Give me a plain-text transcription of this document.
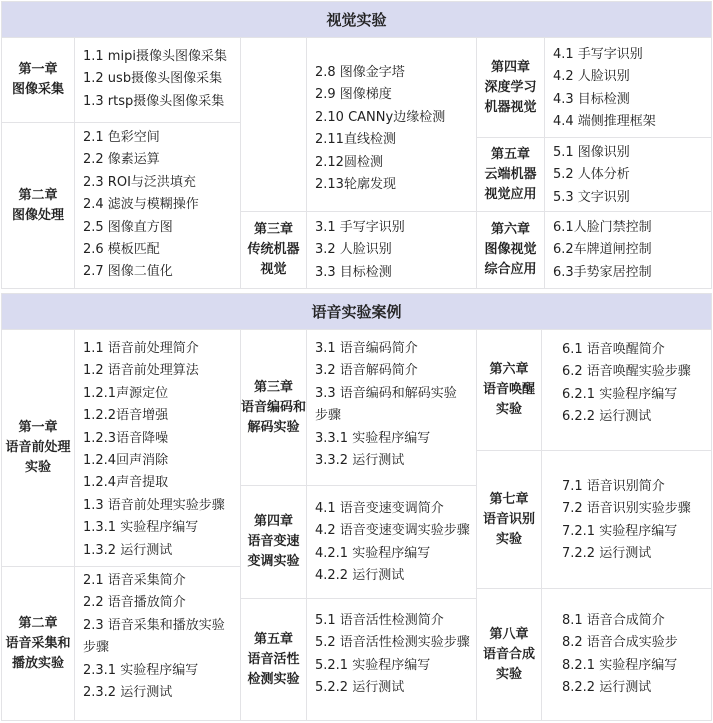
视觉实验
第一章
图像采集
1.1 mipi摄像头图像采集
1.2 usb摄像头图像采集
1.3 rtsp摄像头图像采集
第二章
图像处理
2.1 色彩空间
2.2 像素运算
2.3 ROI与泛洪填充
2.4 滤波与模糊操作
2.5 图像直方图
2.6 模板匹配
2.7 图像二值化
2.8 图像金字塔
2.9 图像梯度
2.10 CANNy边缘检测
2.11直线检测
2.12圆检测
2.13轮廓发现
第三章
传统机器
视觉
3.1 手写字识别
3.2 人脸识别
3.3 目标检测
第四章
深度学习
机器视觉
4.1 手写字识别
4.2 人脸识别
4.3 目标检测
4.4 端侧推理框架
第五章
云端机器
视觉应用
5.1 图像识别
5.2 人体分析
5.3 文字识别
第六章
图像视觉
综合应用
6.1人脸门禁控制
6.2车牌道闸控制
6.3手势家居控制
语音实验案例
第一章
语音前处理
实验
1.1 语音前处理简介
1.2 语音前处理算法
1.2.1声源定位
1.2.2语音增强
1.2.3语音降噪
1.2.4回声消除
1.2.4声音提取
1.3 语音前处理实验步骤
1.3.1 实验程序编写
1.3.2 运行测试
第二章
语音采集和
播放实验
2.1 语音采集简介
2.2 语音播放简介
2.3 语音采集和播放实验
步骤
2.3.1 实验程序编写
2.3.2 运行测试
第三章
语音编码和
解码实验
3.1 语音编码简介
3.2 语音解码简介
3.3 语音编码和解码实验
步骤
3.3.1 实验程序编写
3.3.2 运行测试
第四章
语音变速
变调实验
4.1 语音变速变调简介
4.2 语音变速变调实验步骤
4.2.1 实验程序编写
4.2.2 运行测试
第五章
语音活性
检测实验
5.1 语音活性检测简介
5.2 语音活性检测实验步骤
5.2.1 实验程序编写
5.2.2 运行测试
第六章
语音唤醒
实验
6.1 语音唤醒简介
6.2 语音唤醒实验步骤
6.2.1 实验程序编写
6.2.2 运行测试
第七章
语音识别
实验
7.1 语音识别简介
7.2 语音识别实验步骤
7.2.1 实验程序编写
7.2.2 运行测试
第八章
语音合成
实验
8.1 语音合成简介
8.2 语音合成实验步
8.2.1 实验程序编写
8.2.2 运行测试
